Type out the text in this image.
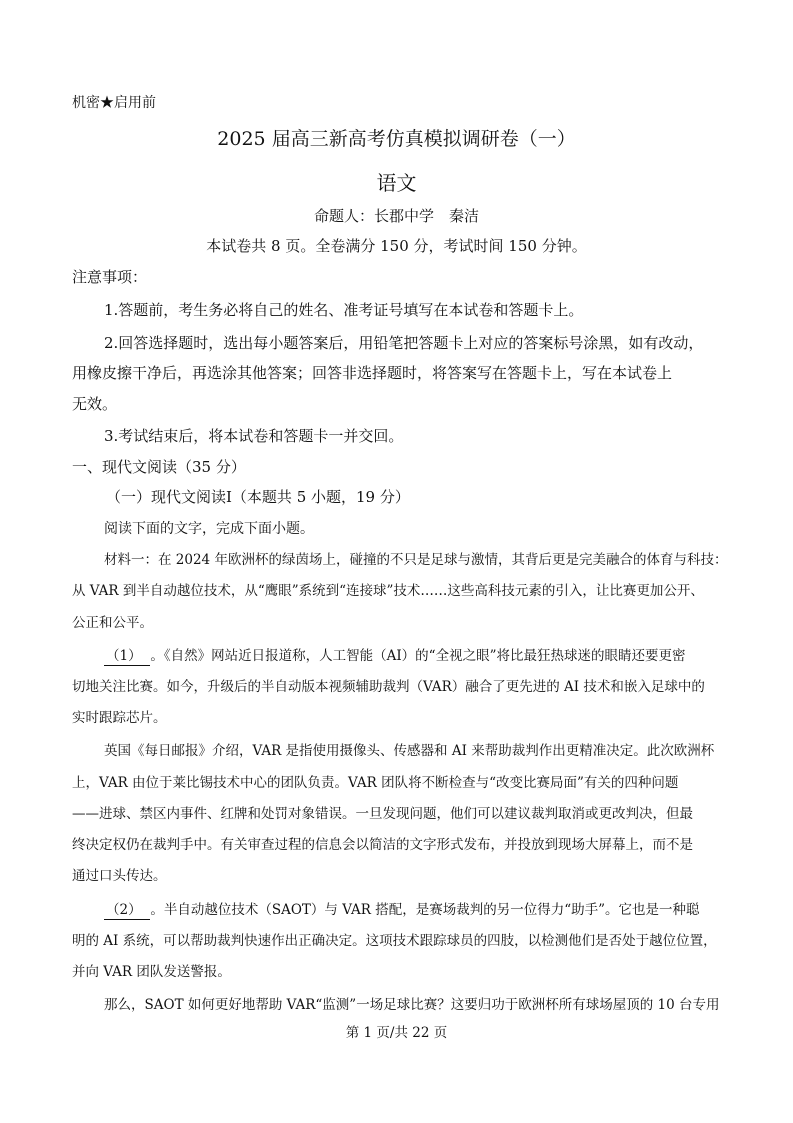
机密★启用前
2025 届高三新高考仿真模拟调研卷（一）
语文
命题人：长郡中学　秦洁
本试卷共 8 页。全卷满分 150 分，考试时间 150 分钟。
注意事项：
1.答题前，考生务必将自己的姓名、准考证号填写在本试卷和答题卡上。
2.回答选择题时，选出每小题答案后，用铅笔把答题卡上对应的答案标号涂黑，如有改动，
用橡皮擦干净后，再选涂其他答案；回答非选择题时，将答案写在答题卡上，写在本试卷上
无效。
3.考试结束后，将本试卷和答题卡一并交回。
一、现代文阅读（35 分）
（一）现代文阅读Ⅰ（本题共 5 小题，19 分）
阅读下面的文字，完成下面小题。
材料一：在 2024 年欧洲杯的绿茵场上，碰撞的不只是足球与激情，其背后更是完美融合的体育与科技：
从 VAR 到半自动越位技术，从“鹰眼”系统到“连接球”技术……这些高科技元素的引入，让比赛更加公开、
公正和公平。
（1）　。《自然》网站近日报道称，人工智能（AI）的“全视之眼”将比最狂热球迷的眼睛还要更密
切地关注比赛。如今，升级后的半自动版本视频辅助裁判（VAR）融合了更先进的 AI 技术和嵌入足球中的
实时跟踪芯片。
英国《每日邮报》介绍，VAR 是指使用摄像头、传感器和 AI 来帮助裁判作出更精准决定。此次欧洲杯
上，VAR 由位于莱比锡技术中心的团队负责。VAR 团队将不断检查与“改变比赛局面”有关的四种问题
——进球、禁区内事件、红牌和处罚对象错误。一旦发现问题，他们可以建议裁判取消或更改判决，但最
终决定权仍在裁判手中。有关审查过程的信息会以简洁的文字形式发布，并投放到现场大屏幕上，而不是
通过口头传达。
（2）　。半自动越位技术（SAOT）与 VAR 搭配，是赛场裁判的另一位得力“助手”。它也是一种聪
明的 AI 系统，可以帮助裁判快速作出正确决定。这项技术跟踪球员的四肢，以检测他们是否处于越位位置，
并向 VAR 团队发送警报。
那么，SAOT 如何更好地帮助 VAR“监测”一场足球比赛？这要归功于欧洲杯所有球场屋顶的 10 台专用
第 1 页/共 22 页
